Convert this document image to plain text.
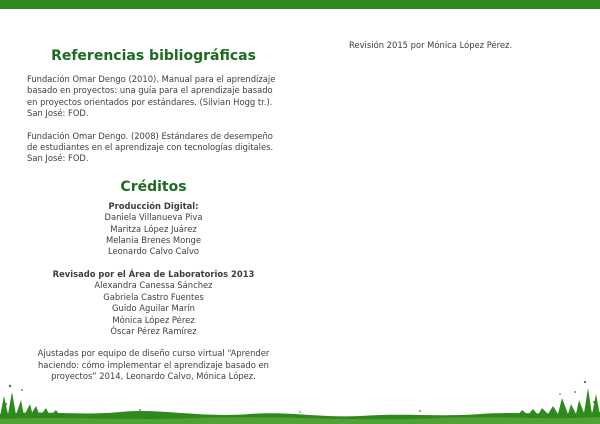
Referencias bibliográficas

Fundación Omar Dengo (2010). Manual para el aprendizaje

basado en proyectos: una guía para el aprendizaje basado

en proyectos orientados por estándares. (Silvian Hogg tr.).

San José: FOD.

Fundación Omar Dengo. (2008) Estándares de desempeño

de estudiantes en el aprendizaje con tecnologías digitales.

San José: FOD.

Créditos
Producción Digital:
Daniela Villanueva Piva
Maritza López Juárez
Melania Brenes Monge
Leonardo Calvo Calvo
Revisado por el Área de Laboratorios 2013
Alexandra Canessa Sánchez
Gabriela Castro Fuentes
Guido Aguilar Marín
Mónica López Pérez
Óscar Pérez Ramírez
Ajustadas por equipo de diseño curso virtual “Aprender
haciendo: cómo implementar el aprendizaje basado en
proyectos” 2014, Leonardo Calvo, Mónica López.
Revisión 2015 por Mónica López Pérez.
